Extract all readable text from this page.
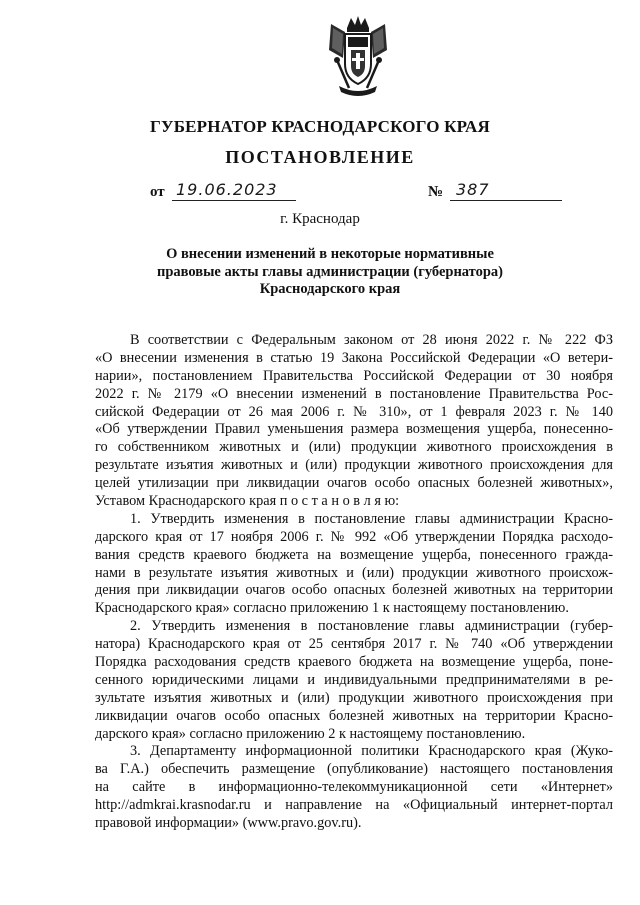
ГУБЕРНАТОР КРАСНОДАРСКОГО КРАЯ
ПОСТАНОВЛЕНИЕ
от 19.06.2023	№ 387
г. Краснодар
О внесении изменений в некоторые нормативные
правовые акты главы администрации (губернатора)
Краснодарского края
В соответствии с Федеральным законом от 28 июня 2022 г. № 222 ФЗ
«О внесении изменения в статью 19 Закона Российской Федерации «О ветери-
нарии», постановлением Правительства Российской Федерации от 30 ноября
2022 г. № 2179 «О внесении изменений в постановление Правительства Рос-
сийской Федерации от 26 мая 2006 г. № 310», от 1 февраля 2023 г. № 140
«Об утверждении Правил уменьшения размера возмещения ущерба, понесенно-
го собственником животных и (или) продукции животного происхождения в
результате изъятия животных и (или) продукции животного происхождения для
целей утилизации при ликвидации очагов особо опасных болезней животных»,
Уставом Краснодарского края п о с т а н о в л я ю:
1. Утвердить изменения в постановление главы администрации Красно-
дарского края от 17 ноября 2006 г. № 992 «Об утверждении Порядка расходо-
вания средств краевого бюджета на возмещение ущерба, понесенного гражда-
нами в результате изъятия животных и (или) продукции животного происхож-
дения при ликвидации очагов особо опасных болезней животных на территории
Краснодарского края» согласно приложению 1 к настоящему постановлению.
2. Утвердить изменения в постановление главы администрации (губер-
натора) Краснодарского края от 25 сентября 2017 г. № 740 «Об утверждении
Порядка расходования средств краевого бюджета на возмещение ущерба, поне-
сенного юридическими лицами и индивидуальными предпринимателями в ре-
зультате изъятия животных и (или) продукции животного происхождения при
ликвидации очагов особо опасных болезней животных на территории Красно-
дарского края» согласно приложению 2 к настоящему постановлению.
3. Департаменту информационной политики Краснодарского края (Жуко-
ва Г.А.) обеспечить размещение (опубликование) настоящего постановления
на сайте в информационно-телекоммуникационной сети «Интернет»
http://admkrai.krasnodar.ru и направление на «Официальный интернет-портал
правовой информации» (www.pravo.gov.ru).
